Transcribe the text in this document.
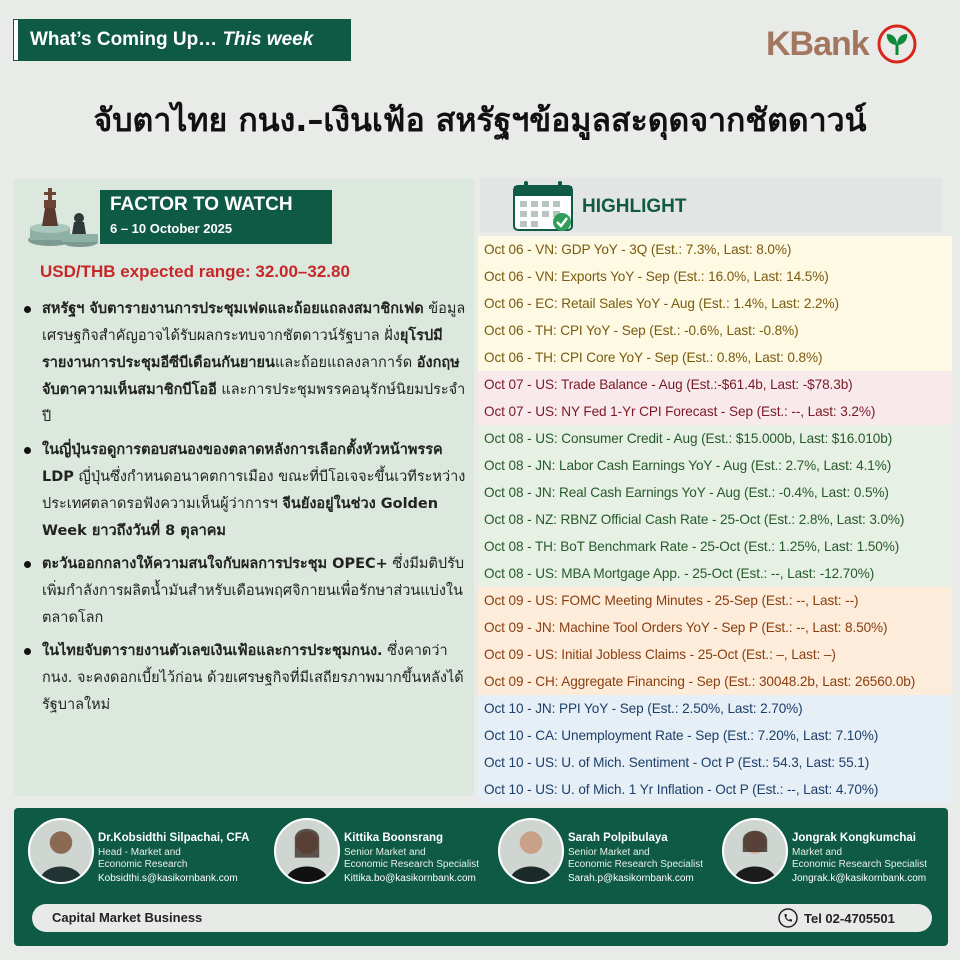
What’s Coming Up… This week	KBank
จับตาไทย กนง.–เงินเฟ้อ สหรัฐฯข้อมูลสะดุดจากชัตดาวน์
FACTOR TO WATCH
6 – 10 October 2025
USD/THB expected range: 32.00–32.80
สหรัฐฯ จับตารายงานการประชุมเฟดและถ้อยแถลงสมาชิกเฟด ข้อมูลเศรษฐกิจสำคัญอาจได้รับผลกระทบจากชัตดาวน์รัฐบาล ฝั่งยุโรปมีรายงานการประชุมอีซีบีเดือนกันยายนและถ้อยแถลงลาการ์ด อังกฤษจับตาความเห็นสมาชิกบีโออี และการประชุมพรรคอนุรักษ์นิยมประจำปี
ในญี่ปุ่นรอดูการตอบสนองของตลาดหลังการเลือกตั้งหัวหน้าพรรค LDP ญี่ปุ่นซึ่งกำหนดอนาคตการเมือง ขณะที่บีโอเจจะขึ้นเวทีระหว่างประเทศตลาดรอฟังความเห็นผู้ว่าการฯ จีนยังอยู่ในช่วง Golden Week ยาวถึงวันที่ 8 ตุลาคม
ตะวันออกกลางให้ความสนใจกับผลการประชุม OPEC+ ซึ่งมีมติปรับเพิ่มกำลังการผลิตน้ำมันสำหรับเดือนพฤศจิกายนเพื่อรักษาส่วนแบ่งในตลาดโลก
ในไทยจับตารายงานตัวเลขเงินเฟ้อและการประชุมกนง. ซึ่งคาดว่า กนง. จะคงดอกเบี้ยไว้ก่อน ด้วยเศรษฐกิจที่มีเสถียรภาพมากขึ้นหลังได้รัฐบาลใหม่
HIGHLIGHT
Oct 06 - VN: GDP YoY - 3Q (Est.: 7.3%, Last: 8.0%)
Oct 06 - VN: Exports YoY - Sep (Est.: 16.0%, Last: 14.5%)
Oct 06 - EC: Retail Sales YoY - Aug (Est.: 1.4%, Last: 2.2%)
Oct 06 - TH: CPI YoY - Sep (Est.: -0.6%, Last: -0.8%)
Oct 06 - TH: CPI Core YoY - Sep (Est.: 0.8%, Last: 0.8%)
Oct 07 - US: Trade Balance - Aug (Est.:-$61.4b, Last: -$78.3b)
Oct 07 - US: NY Fed 1-Yr CPI Forecast - Sep (Est.: --, Last: 3.2%)
Oct 08 - US: Consumer Credit - Aug (Est.: $15.000b, Last: $16.010b)
Oct 08 - JN: Labor Cash Earnings YoY - Aug (Est.: 2.7%, Last: 4.1%)
Oct 08 - JN: Real Cash Earnings YoY - Aug (Est.: -0.4%, Last: 0.5%)
Oct 08 - NZ: RBNZ Official Cash Rate - 25-Oct (Est.: 2.8%, Last: 3.0%)
Oct 08 - TH: BoT Benchmark Rate - 25-Oct (Est.: 1.25%, Last: 1.50%)
Oct 08 - US: MBA Mortgage App. - 25-Oct (Est.: --, Last: -12.70%)
Oct 09 - US: FOMC Meeting Minutes - 25-Sep (Est.: --, Last: --)
Oct 09 - JN: Machine Tool Orders YoY - Sep P (Est.: --, Last: 8.50%)
Oct 09 - US: Initial Jobless Claims - 25-Oct (Est.: –, Last: –)
Oct 09 - CH: Aggregate Financing - Sep (Est.: 30048.2b, Last: 26560.0b)
Oct 10 - JN: PPI YoY - Sep (Est.: 2.50%, Last: 2.70%)
Oct 10 - CA: Unemployment Rate - Sep (Est.: 7.20%, Last: 7.10%)
Oct 10 - US: U. of Mich. Sentiment - Oct P (Est.: 54.3, Last: 55.1)
Oct 10 - US: U. of Mich. 1 Yr Inflation - Oct P (Est.: --, Last: 4.70%)
Dr.Kobsidthi Silpachai, CFA
Head - Market and
Economic Research
Kobsidthi.s@kasikornbank.com
Kittika Boonsrang
Senior Market and
Economic Research Specialist
Kittika.bo@kasikornbank.com
Sarah Polpibulaya
Senior Market and
Economic Research Specialist
Sarah.p@kasikornbank.com
Jongrak Kongkumchai
Market and
Economic Research Specialist
Jongrak.k@kasikornbank.com
Capital Market Business	Tel 02-4705501
